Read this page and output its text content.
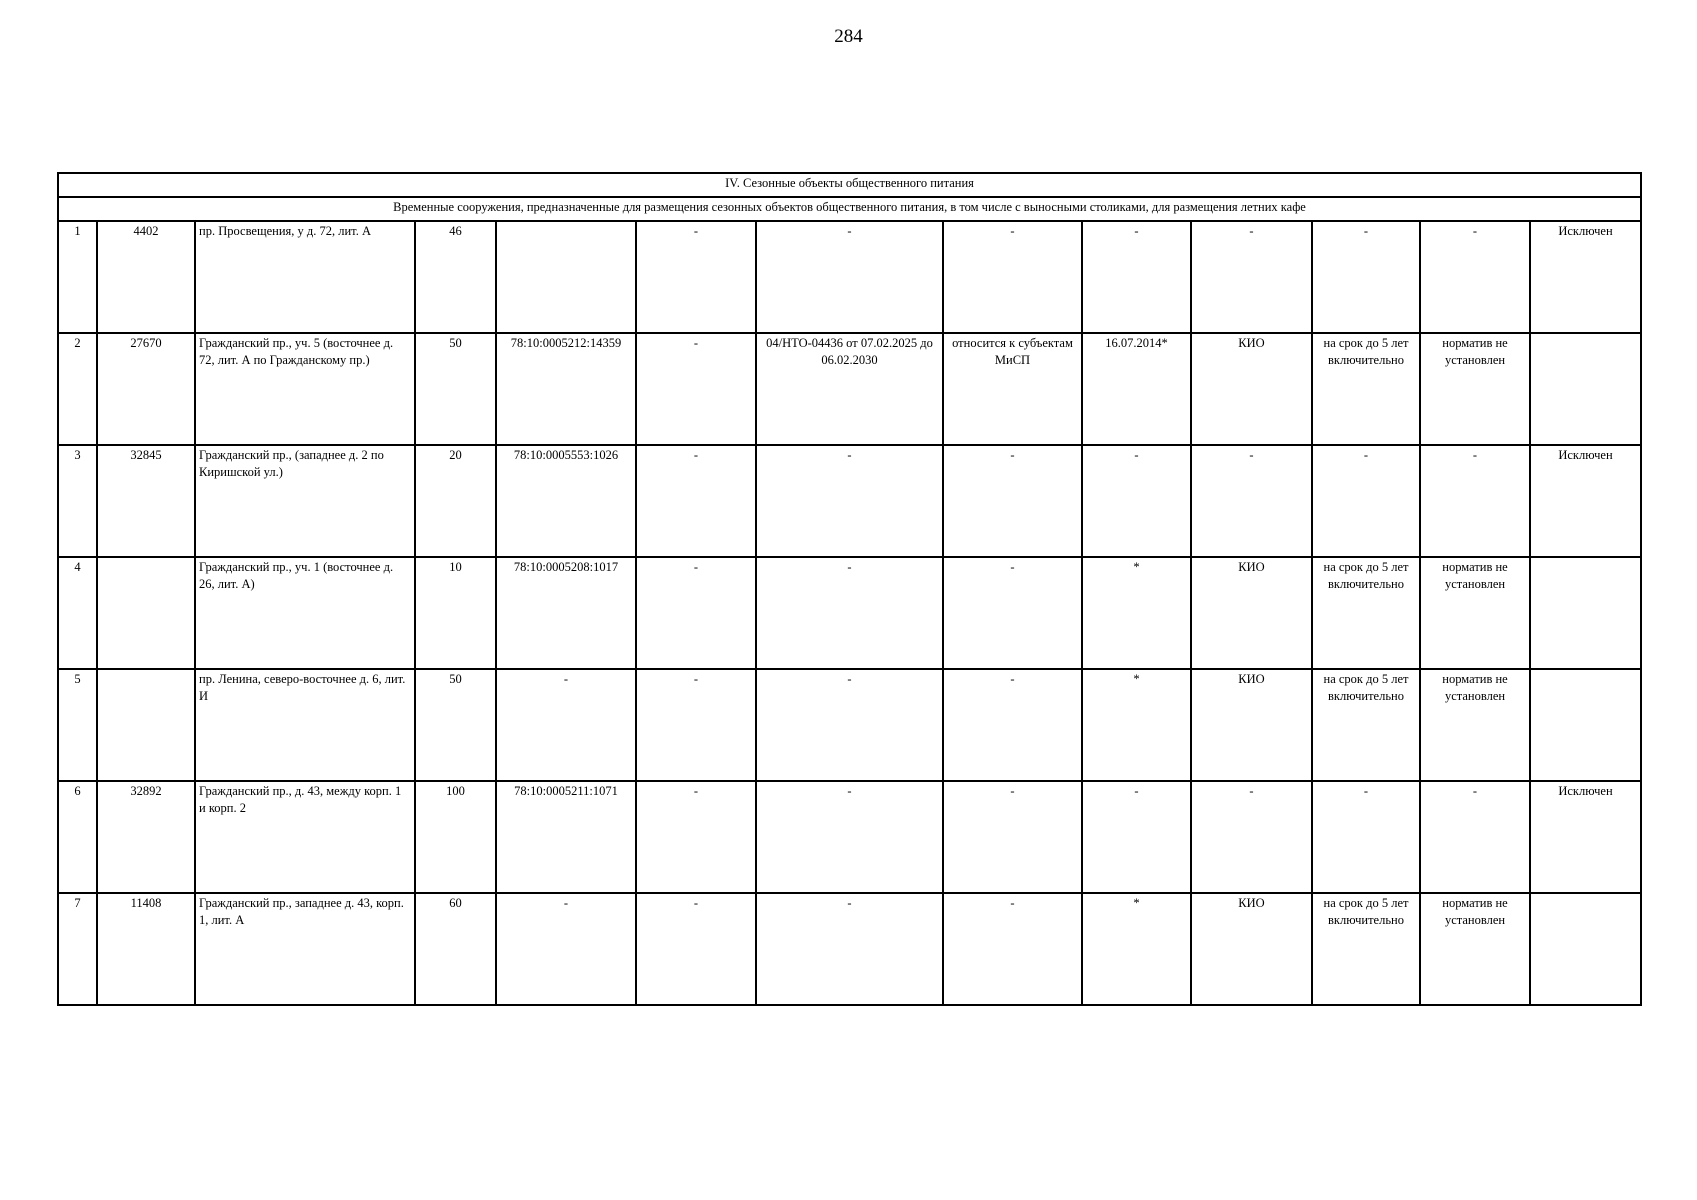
284
IV. Сезонные объекты общественного питания												
Временные сооружения, предназначенные для размещения сезонных объектов общественного питания, в том числе с выносными столиками, для размещения летних кафе												
1	4402	пр. Просвещения, у д. 72, лит. А	46		-	-	-	-	-	-	-	Исключен
2	27670	Гражданский пр., уч. 5 (восточнее д. 72, лит. А по Гражданскому пр.)	50	78:10:0005212:14359	-	04/НТО-04436 от 07.02.2025 до 06.02.2030	относится к субъектам МиСП	16.07.2014*	КИО	на срок до 5 лет включительно	норматив не установлен	
3	32845	Гражданский пр., (западнее д. 2 по Киришской ул.)	20	78:10:0005553:1026	-	-	-	-	-	-	-	Исключен
4		Гражданский пр., уч. 1 (восточнее д. 26, лит. А)	10	78:10:0005208:1017	-	-	-	*	КИО	на срок до 5 лет включительно	норматив не установлен	
5		пр. Ленина, северо-восточнее д. 6, лит. И	50	-	-	-	-	*	КИО	на срок до 5 лет включительно	норматив не установлен	
6	32892	Гражданский пр., д. 43, между корп. 1 и корп. 2	100	78:10:0005211:1071	-	-	-	-	-	-	-	Исключен
7	11408	Гражданский пр., западнее д. 43, корп. 1, лит. А	60	-	-	-	-	*	КИО	на срок до 5 лет включительно	норматив не установлен	
